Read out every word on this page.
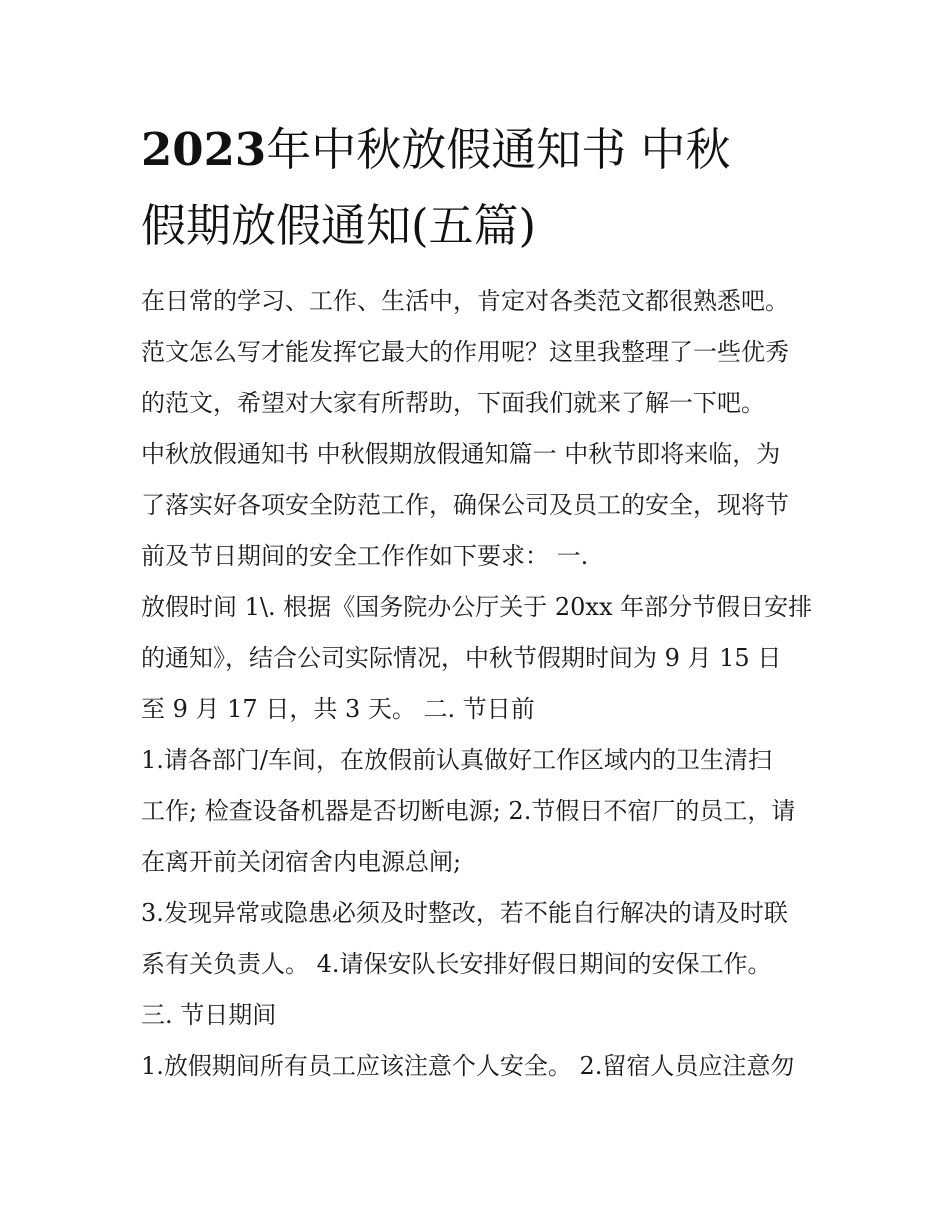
2023年中秋放假通知书 中秋
假期放假通知(五篇)
在日常的学习、工作、生活中，肯定对各类范文都很熟悉吧。
范文怎么写才能发挥它最大的作用呢？这里我整理了一些优秀
的范文，希望对大家有所帮助，下面我们就来了解一下吧。
中秋放假通知书 中秋假期放假通知篇一 中秋节即将来临，为
了落实好各项安全防范工作，确保公司及员工的安全，现将节
前及节日期间的安全工作作如下要求： 一.
放假时间 1\. 根据《国务院办公厅关于 20xx 年部分节假日安排
的通知》，结合公司实际情况，中秋节假期时间为 9 月 15 日
至 9 月 17 日，共 3 天。 二. 节日前
1.请各部门/车间，在放假前认真做好工作区域内的卫生清扫
工作; 检查设备机器是否切断电源; 2.节假日不宿厂的员工，请
在离开前关闭宿舍内电源总闸;
3.发现异常或隐患必须及时整改，若不能自行解决的请及时联
系有关负责人。 4.请保安队长安排好假日期间的安保工作。
三. 节日期间
1.放假期间所有员工应该注意个人安全。 2.留宿人员应注意勿
